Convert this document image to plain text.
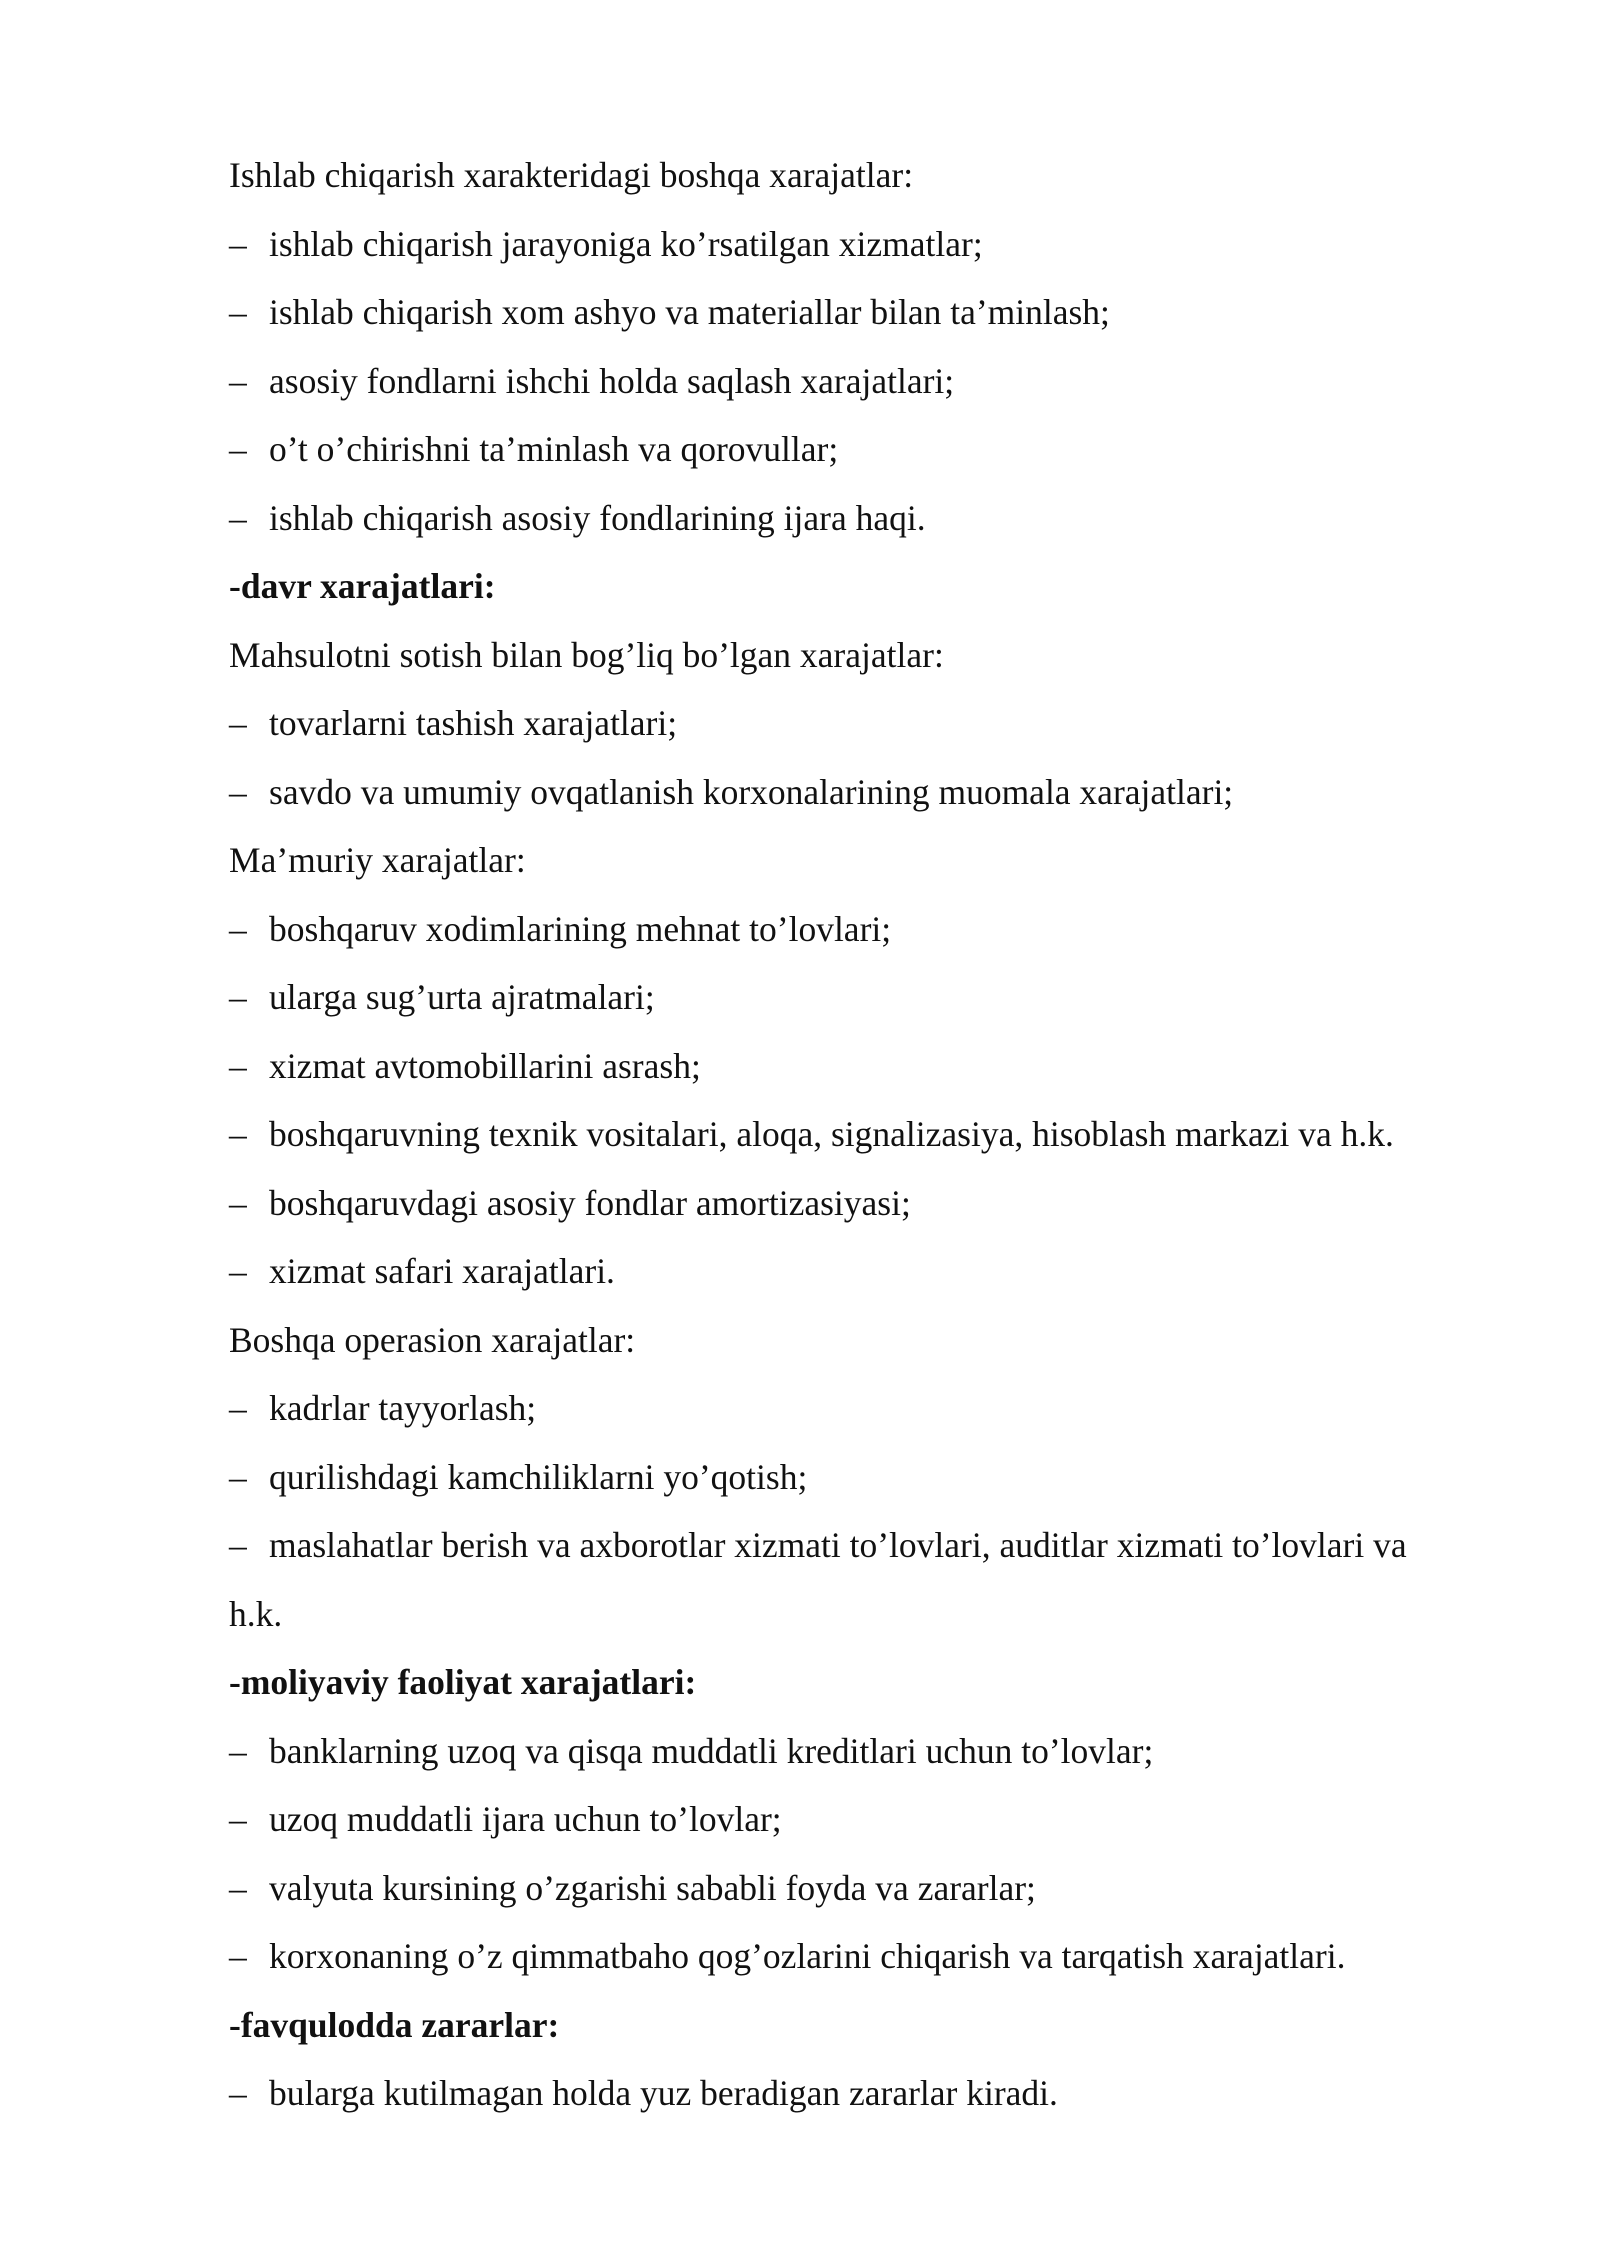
Ishlab chiqarish xarakteridagi boshqa xarajatlar:
– ishlab chiqarish jarayoniga ko’rsatilgan xizmatlar;
– ishlab chiqarish xom ashyo va materiallar bilan ta’minlash;
– asosiy fondlarni ishchi holda saqlash xarajatlari;
– o’t o’chirishni ta’minlash va qorovullar;
– ishlab chiqarish asosiy fondlarining ijara haqi.
-davr xarajatlari:
Mahsulotni sotish bilan bog’liq bo’lgan xarajatlar:
– tovarlarni tashish xarajatlari;
– savdo va umumiy ovqatlanish korxonalarining muomala xarajatlari;
Ma’muriy xarajatlar:
– boshqaruv xodimlarining mehnat to’lovlari;
– ularga sug’urta ajratmalari;
– xizmat avtomobillarini asrash;
– boshqaruvning texnik vositalari, aloqa, signalizasiya, hisoblash markazi va h.k.
– boshqaruvdagi asosiy fondlar amortizasiyasi;
– xizmat safari xarajatlari.
Boshqa operasion xarajatlar:
– kadrlar tayyorlash;
– qurilishdagi kamchiliklarni yo’qotish;
– maslahatlar berish va axborotlar xizmati to’lovlari, auditlar xizmati to’lovlari va
h.k.
-moliyaviy faoliyat xarajatlari:
– banklarning uzoq va qisqa muddatli kreditlari uchun to’lovlar;
– uzoq muddatli ijara uchun to’lovlar;
– valyuta kursining o’zgarishi sababli foyda va zararlar;
– korxonaning o’z qimmatbaho qog’ozlarini chiqarish va tarqatish xarajatlari.
-favqulodda zararlar:
– bularga kutilmagan holda yuz beradigan zararlar kiradi.
